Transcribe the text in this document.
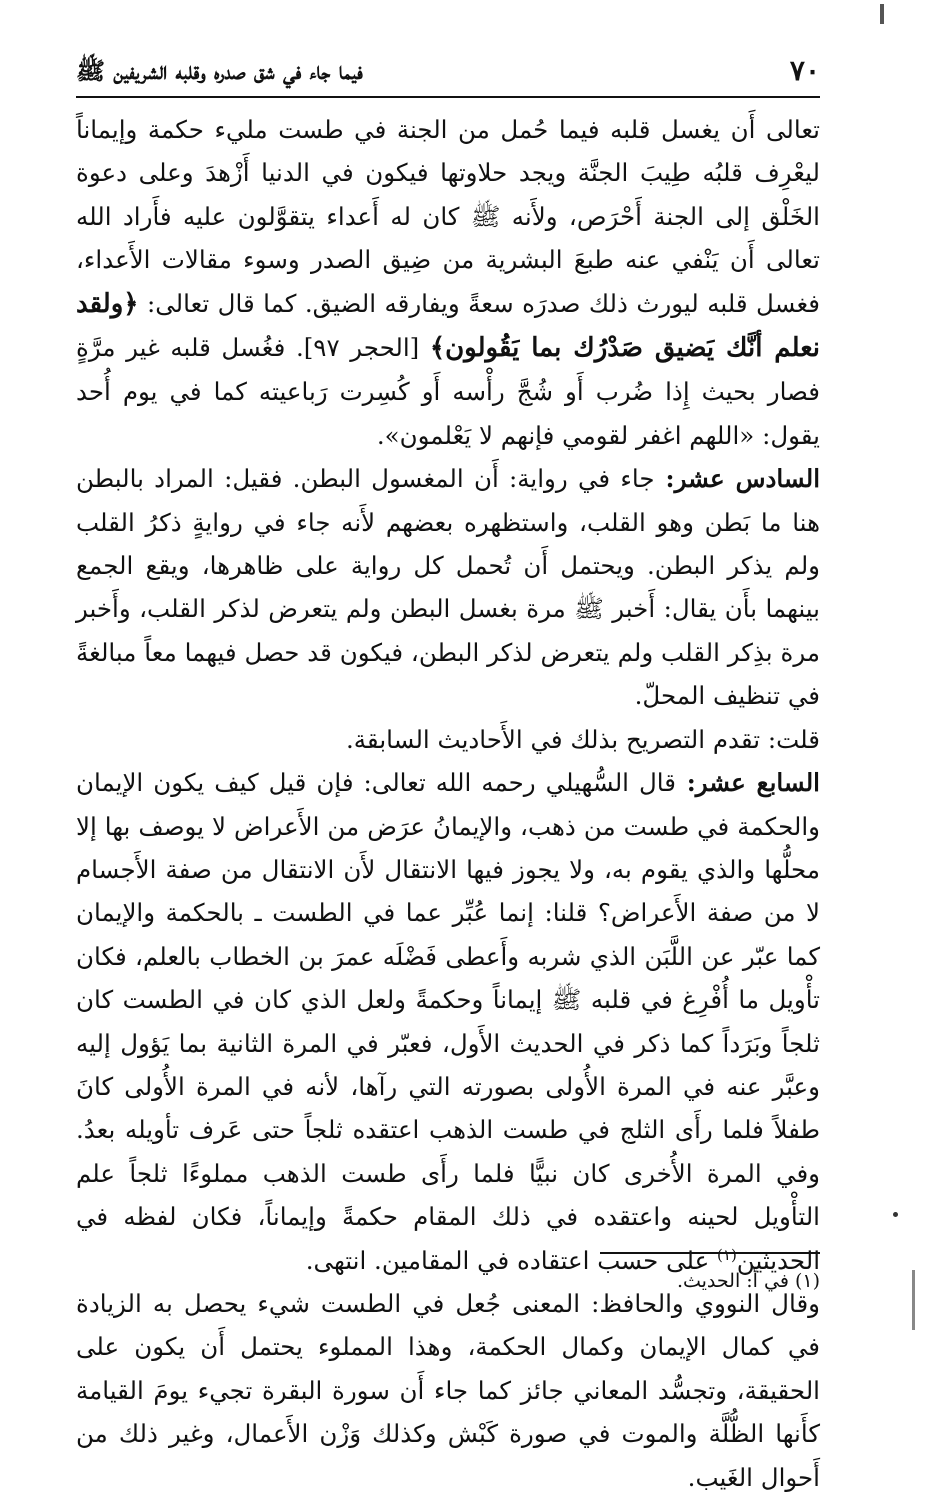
٧٠
فيما جاء في شق صدره وقلبه الشريفين ﷺ

تعالى أَن يغسل قلبه فيما حُمل من الجنة في طست مليء حكمة وإيماناً ليعْرِف قلبُه طِيبَ الجنَّة ويجد حلاوتها فيكون في الدنيا أَزْهدَ وعلى دعوة الخَلْق إلى الجنة أَحْرَص، ولأَنه ﷺ كان له أَعداء يتقوَّلون عليه فأَراد الله تعالى أَن يَنْفي عنه طبعَ البشرية من ضِيق الصدر وسوء مقالات الأَعداء، فغسل قلبه ليورث ذلك صدرَه سعةً ويفارقه الضيق. كما قال تعالى: ﴿ولقد نعلم أنَّك يَضيق صَدْرُك بما يَقُولون﴾ [الحجر ٩٧]. فغُسل قلبه غير مرَّةٍ فصار بحيث إِذا ضُرب أَو شُجَّ رأْسه أَو كُسِرت رَباعيته كما في يوم أُحد يقول: «اللهم اغفر لقومي فإنهم لا يَعْلمون».

السادس عشر: جاء في رواية: أَن المغسول البطن. فقيل: المراد بالبطن هنا ما بَطن وهو القلب، واستظهره بعضهم لأَنه جاء في روايةٍ ذكرُ القلب ولم يذكر البطن. ويحتمل أَن تُحمل كل رواية على ظاهرها، ويقع الجمع بينهما بأَن يقال: أَخبر ﷺ مرة بغسل البطن ولم يتعرض لذكر القلب، وأَخبر مرة بذِكر القلب ولم يتعرض لذكر البطن، فيكون قد حصل فيهما معاً مبالغةً في تنظيف المحلّ.

قلت: تقدم التصريح بذلك في الأَحاديث السابقة.

السابع عشر: قال السُّهيلي رحمه الله تعالى: فإن قيل كيف يكون الإيمان والحكمة في طست من ذهب، والإيمانُ عرَض من الأَعراض لا يوصف بها إلا محلُّها والذي يقوم به، ولا يجوز فيها الانتقال لأَن الانتقال من صفة الأَجسام لا من صفة الأَعراض؟ قلنا: إنما عُبِّر عما في الطست ـ بالحكمة والإيمان كما عبّر عن اللَّبَن الذي شربه وأَعطى فَضْلَه عمرَ بن الخطاب بالعلم، فكان تأْويل ما أُفْرِغ في قلبه ﷺ إيماناً وحكمةً ولعل الذي كان في الطست كان ثلجاً وبَرَداً كما ذكر في الحديث الأَول، فعبّر في المرة الثانية بما يَؤول إليه وعبَّر عنه في المرة الأُولى بصورته التي رآها، لأنه في المرة الأُولى كانَ طفلاً فلما رأَى الثلج في طست الذهب اعتقده ثلجاً حتى عَرف تأويله بعدُ. وفي المرة الأُخرى كان نبيًّا فلما رأَى طست الذهب مملوءًا ثلجاً علم التأْويل لحينه واعتقده في ذلك المقام حكمةً وإيماناً، فكان لفظه في الحديثين$^{(١)}$ على حسب اعتقاده في المقامين. انتهى.

وقال النووي والحافظ: المعنى جُعل في الطست شيء يحصل به الزيادة في كمال الإيمان وكمال الحكمة، وهذا المملوء يحتمل أَن يكون على الحقيقة، وتجسُّد المعاني جائز كما جاء أَن سورة البقرة تجيء يومَ القيامة كأَنها الظُّلَّة والموت في صورة كَبْش وكذلك وَزْن الأَعمال، وغير ذلك من أَحوال الغَيب.

(١) في أ: الحديث.
